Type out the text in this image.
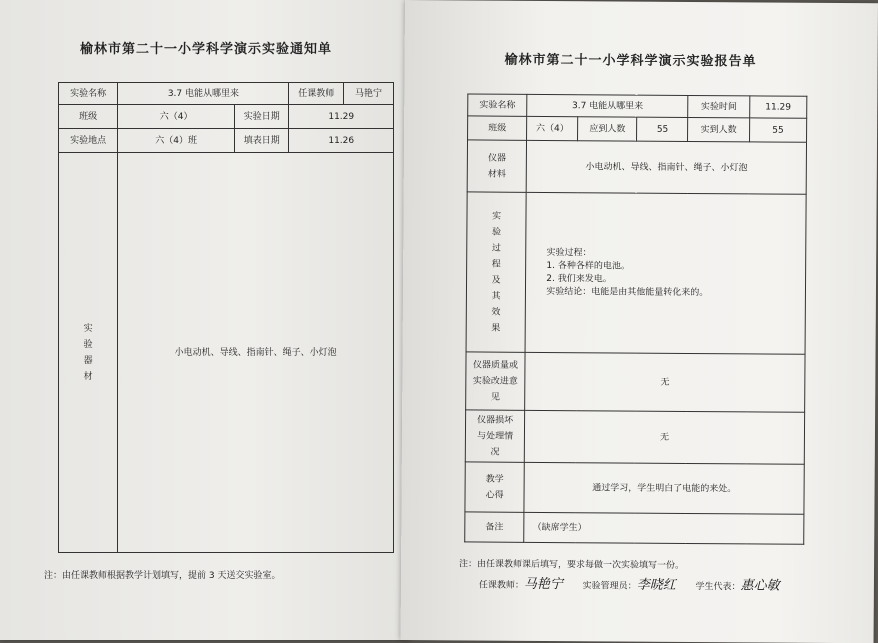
榆林市第二十一小学科学演示实验通知单
实验名称	3.7 电能从哪里来		任课教师	马艳宁
班级	六（4）	实验日期	11.29	
实验地点	六（4）班	填表日期	11.26	
实验器材	小电动机、导线、指南针、绳子、小灯泡			
注：由任课教师根据教学计划填写，提前 3 天送交实验室。
榆林市第二十一小学科学演示实验报告单
实验名称	3.7 电能从哪里来			实验时间	11.29
班级	六（4）	应到人数	55	实到人数	55
仪器材料	小电动机、导线、指南针、绳子、小灯泡				
实验过程及其效果	实验过程：
1. 各种各样的电池。
2. 我们来发电。
实验结论：电能是由其他能量转化来的。				

仪器质量或实验改进意见	无				
仪器损坏与处理情况	无				
教学心得	通过学习，学生明白了电能的来处。				
备注	（缺席学生）				
注：由任课教师课后填写，要求每做一次实验填写一份。
任课教师：马艳宁 实验管理员：李晓红 学生代表：惠心敏
